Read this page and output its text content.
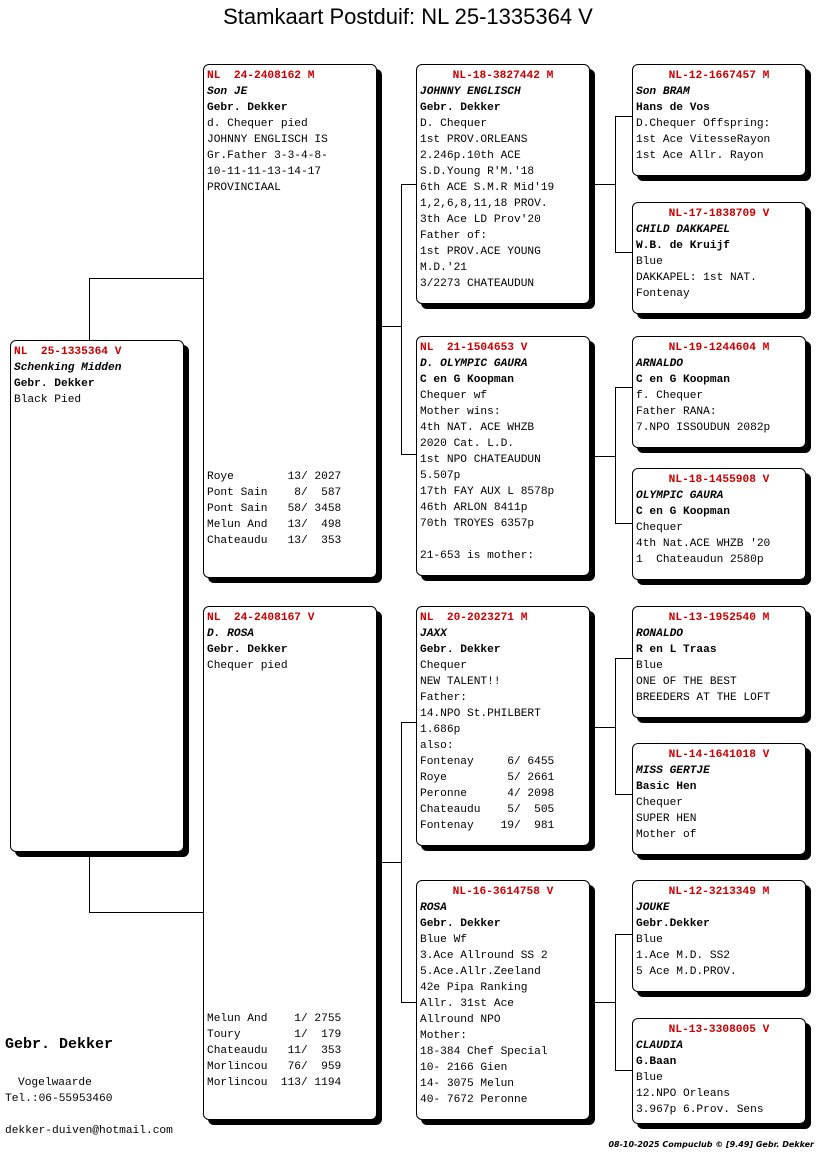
Stamkaart Postduif: NL 25-1335364 V
NL  25-1335364 V
Schenking Midden
Gebr. Dekker
Black Pied
NL  24-2408162 M
Son JE
Gebr. Dekker
d. Chequer pied
JOHNNY ENGLISCH IS
Gr.Father 3-3-4-8-
10-11-11-13-14-17
PROVINCIAAL
Roye        13/ 2027
Pont Sain    8/  587
Pont Sain   58/ 3458
Melun And   13/  498
Chateaudu   13/  353
NL  24-2408167 V
D. ROSA
Gebr. Dekker
Chequer pied
Melun And    1/ 2755
Toury        1/  179
Chateaudu   11/  353
Morlincou   76/  959
Morlincou  113/ 1194
NL-18-3827442 M
JOHNNY ENGLISCH
Gebr. Dekker
D. Chequer
1st PROV.ORLEANS
2.246p.10th ACE
S.D.Young R'M.'18
6th ACE S.M.R Mid'19
1,2,6,8,11,18 PROV.
3th Ace LD Prov'20
Father of:
1st PROV.ACE YOUNG
M.D.'21
3/2273 CHATEAUDUN
NL  21-1504653 V
D. OLYMPIC GAURA
C en G Koopman
Chequer wf
Mother wins:
4th NAT. ACE WHZB
2020 Cat. L.D.
1st NPO CHATEAUDUN
5.507p
17th FAY AUX L 8578p
46th ARLON 8411p
70th TROYES 6357p
21-653 is mother:
NL  20-2023271 M
JAXX
Gebr. Dekker
Chequer
NEW TALENT!!
Father:
14.NPO St.PHILBERT
1.686p
also:
Fontenay     6/ 6455
Roye         5/ 2661
Peronne      4/ 2098
Chateaudu    5/  505
Fontenay    19/  981
NL-16-3614758 V
ROSA
Gebr. Dekker
Blue Wf
3.Ace Allround SS 2
5.Ace.Allr.Zeeland
42e Pipa Ranking
Allr. 31st Ace
Allround NPO
Mother:
18-384 Chef Special
10- 2166 Gien
14- 3075 Melun
40- 7672 Peronne
NL-12-1667457 M
Son BRAM
Hans de Vos
D.Chequer Offspring:
1st Ace VitesseRayon
1st Ace Allr. Rayon
NL-17-1838709 V
CHILD DAKKAPEL
W.B. de Kruijf
Blue
DAKKAPEL: 1st NAT.
Fontenay
NL-19-1244604 M
ARNALDO
C en G Koopman
f. Chequer
Father RANA:
7.NPO ISSOUDUN 2082p
NL-18-1455908 V
OLYMPIC GAURA
C en G Koopman
Chequer
4th Nat.ACE WHZB '20
1  Chateaudun 2580p
NL-13-1952540 M
RONALDO
R en L Traas
Blue
ONE OF THE BEST
BREEDERS AT THE LOFT
NL-14-1641018 V
MISS GERTJE
Basic Hen
Chequer
SUPER HEN
Mother of
NL-12-3213349 M
JOUKE
Gebr.Dekker
Blue
1.Ace M.D. SS2
5 Ace M.D.PROV.
NL-13-3308005 V
CLAUDIA
G.Baan
Blue
12.NPO Orleans
3.967p 6.Prov. Sens
Gebr. Dekker
Vogelwaarde
Tel.:06-55953460
dekker-duiven@hotmail.com
08-10-2025 Compuclub © [9.49] Gebr. Dekker
